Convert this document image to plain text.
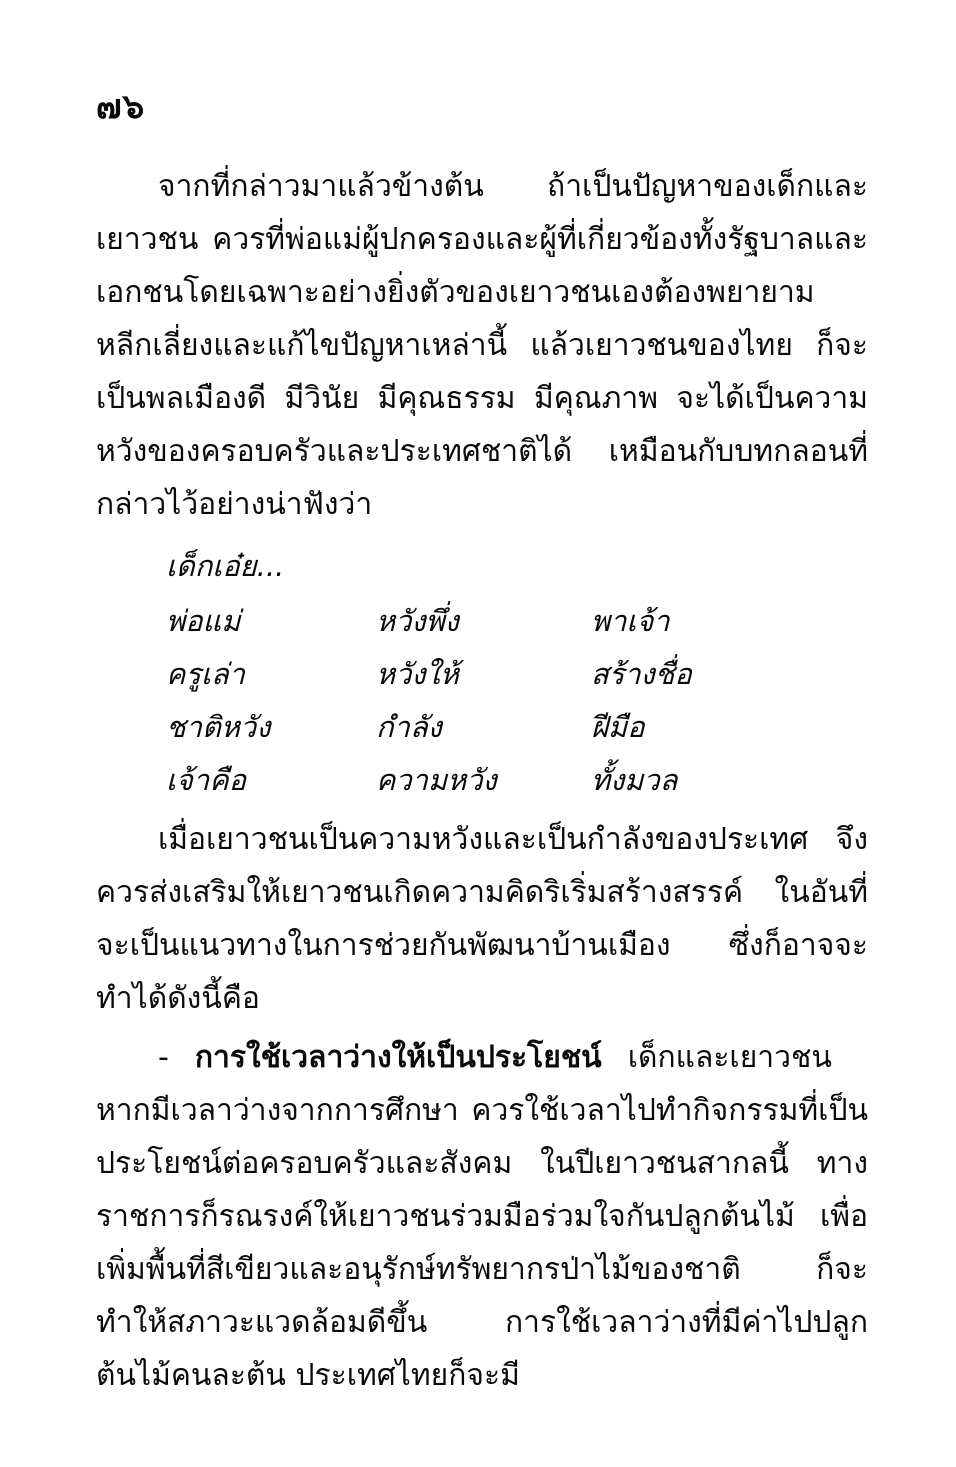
๗๖

จากที่กล่าวมาแล้วข้างต้น ถ้าเป็นปัญหาของเด็กและเยาวชน ควรที่พ่อแม่ผู้ปกครองและผู้ที่เกี่ยวข้องทั้งรัฐบาลและเอกชนโดยเฉพาะอย่างยิ่งตัวของเยาวชนเองต้องพยายามหลีกเลี่ยงและแก้ไขปัญหาเหล่านี้ แล้วเยาวชนของไทย ก็จะเป็นพลเมืองดี มีวินัย มีคุณธรรม มีคุณภาพ จะได้เป็นความหวังของครอบครัวและประเทศชาติได้ เหมือนกับบทกลอนที่กล่าวไว้อย่างน่าฟังว่า

เด็กเอ๋ย...
พ่อแม่	หวังพึ่ง	พาเจ้า
ครูเล่า	หวังให้	สร้างชื่อ
ชาติหวัง	กำลัง	ฝีมือ
เจ้าคือ	ความหวัง	ทั้งมวล

เมื่อเยาวชนเป็นความหวังและเป็นกำลังของประเทศ จึงควรส่งเสริมให้เยาวชนเกิดความคิดริเริ่มสร้างสรรค์ ในอันที่จะเป็นแนวทางในการช่วยกันพัฒนาบ้านเมือง ซึ่งก็อาจจะทำได้ดังนี้คือ

- การใช้เวลาว่างให้เป็นประโยชน์ เด็กและเยาวชนหากมีเวลาว่างจากการศึกษา ควรใช้เวลาไปทำกิจกรรมที่เป็นประโยชน์ต่อครอบครัวและสังคม ในปีเยาวชนสากลนี้ ทางราชการก็รณรงค์ให้เยาวชนร่วมมือร่วมใจกันปลูกต้นไม้ เพื่อเพิ่มพื้นที่สีเขียวและอนุรักษ์ทรัพยากรป่าไม้ของชาติ ก็จะทำให้สภาวะแวดล้อมดีขึ้น การใช้เวลาว่างที่มีค่าไปปลูกต้นไม้คนละต้น ประเทศไทยก็จะมี
